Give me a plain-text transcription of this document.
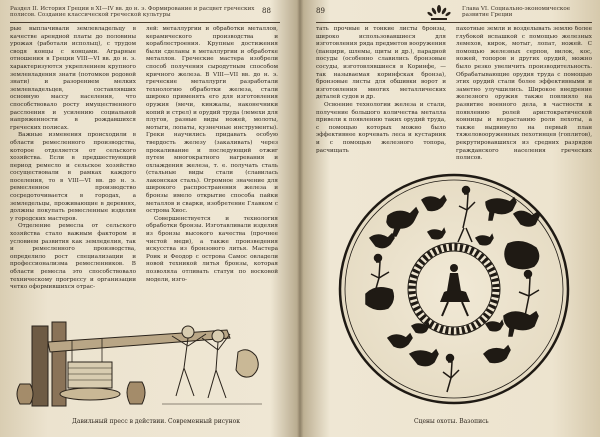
Раздел II. История Греции в XI—IV вв. до н. э. Формирование и расцвет греческих полисов. Создание классической греческой культуры
88

рые выплачивали землевладельцу в качестве арендной платы до половины урожая (работали испольщ), с трудом сводя концы с концами. Аграрные отношения в Греции VIII—VI вв. до н. э. характеризуются укреплением крупного землевладения знати (потомков родовой знати) и разорением мелких землевладельцев, составлявших основную массу населения, что способствовало росту имущественного расслоения и усилению социальной напряженности в рождавшихся греческих полисах.

Важные изменения происходили в области ремесленного производства, которое отделяется от сельского хозяйства. Если в предшествующий период ремесло и сельское хозяйство сосуществовали в рамках каждого поселения, то в VIII—VI вв. до н. э. ремесленное производство сосредоточивается в городах, а земледельцы, проживающие в деревнях, должны покупать ремесленные изделия у городских мастеров.

Отделение ремесла от сельского хозяйства стало важным фактором и условием развития как земледелия, так и ремесленного производства, определило рост специализации и профессионализма ремесленников. В области ремесла это способствовало техническому прогрессу и организации четко оформившихся отрас-

лей: металлургии и обработки металлов, керамического производства и кораблестроения. Крупные достижения были сделаны в металлургии и обработке металлов. Греческие мастера изобрели способ получения сыродутным способом кричного железа. В VIII—VII вв. до н. э. греческие металлурги разработали технологию обработки железа, стали широко применять его для изготовления оружия (мечи, кинжалы, наконечники копий и стрел) и орудий труда (лемехи для плугов, разные виды ножей, молоты, мотыги, лопаты, кузнечные инструменты). Греки научились придавать особую твердость железу (закаливать) через прокаливание и последующий отжиг путем многократного нагревания и охлаждения железа, т. е. получать сталь (стальные виды стали (славилась лаконская сталь). Огромное значение для широкого распространения железа и бронзы имело открытие способа пайки металлов и сварки, изобретение Главком с острова Хиос.

Совершенствуется и технология обработки бронзы. Изготавливали изделия из бронзы высокого качества (прочнее чистой меди), а также произведения искусства из бронзового литья. Мастера Роик и Феодор с острова Самос овладели новой техникой литья бронзы, которая позволяла отливать статуи по восковой модели, изго-

Давильный пресс в действии. Современный рисунок
89	Глава VI. Социально-экономическое развитие Греции

тать прочные и тонкие листы бронзы, широко использовавшиеся для изготовления ряда предметов вооружения (панцири, шлемы, щиты и др.), парадной посуды (особенно славились бронзовые сосуды, изготовлявшиеся в Коринфе, — так называемая коринфская бронза), бронзовые листы для обшивки ворот и изготовления многих металлических деталей судов и др.

Освоение технологии железа и стали, получение большого количества металла привели к появлению таких орудий труда, с помощью которых можно было эффективнее корчевать леса и кустарник и с помощью железного топора, расчищать

пахотные земли и возделывать землю более глубокой вспашкой с помощью железных лемехов, кирок, мотыг, лопат, ножей. С помощью железных серпов, вилок, кос, ножей, топоров и других орудий, можно было резко увеличить производительность. Обрабатывающие орудия труда с помощью этих орудий стали более эффективными и заметно улучшились. Широкое внедрение железного оружия также повлияло на развитие военного дела, в частности к появлению ролей аристократической конницы и возрастанию роли пехоты, а также выдвинуло на первый план тяжеловооруженных пехотинцев (гоплитов), рекрутировавшихся из средних разрядов гражданского населения греческих полисов.

Сцены охоты. Вазопись
